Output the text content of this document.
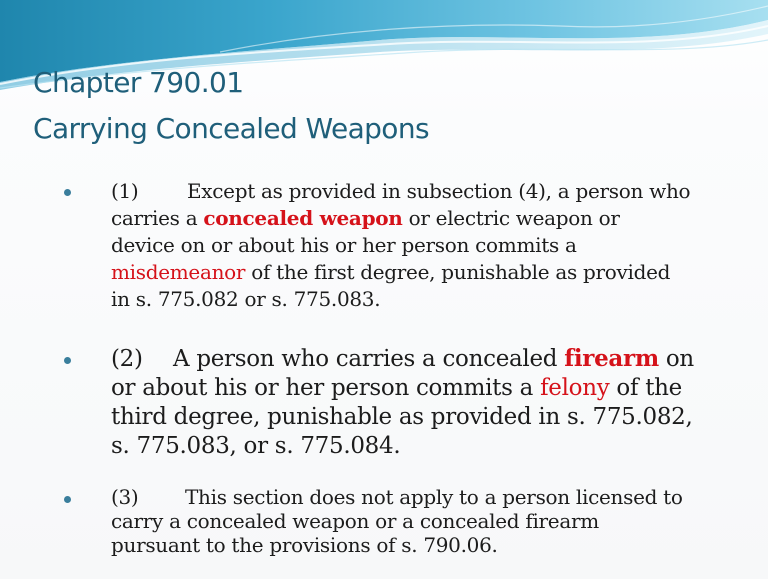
Chapter 790.01
Carrying Concealed Weapons
(1) Except as provided in subsection (4), a person who
carries a concealed weapon or electric weapon or
device on or about his or her person commits a
misdemeanor of the first degree, punishable as provided
in s. 775.082 or s. 775.083.
(2) A person who carries a concealed firearm on
or about his or her person commits a felony of the
third degree, punishable as provided in s. 775.082,
s. 775.083, or s. 775.084.
(3) This section does not apply to a person licensed to
carry a concealed weapon or a concealed firearm
pursuant to the provisions of s. 790.06.
